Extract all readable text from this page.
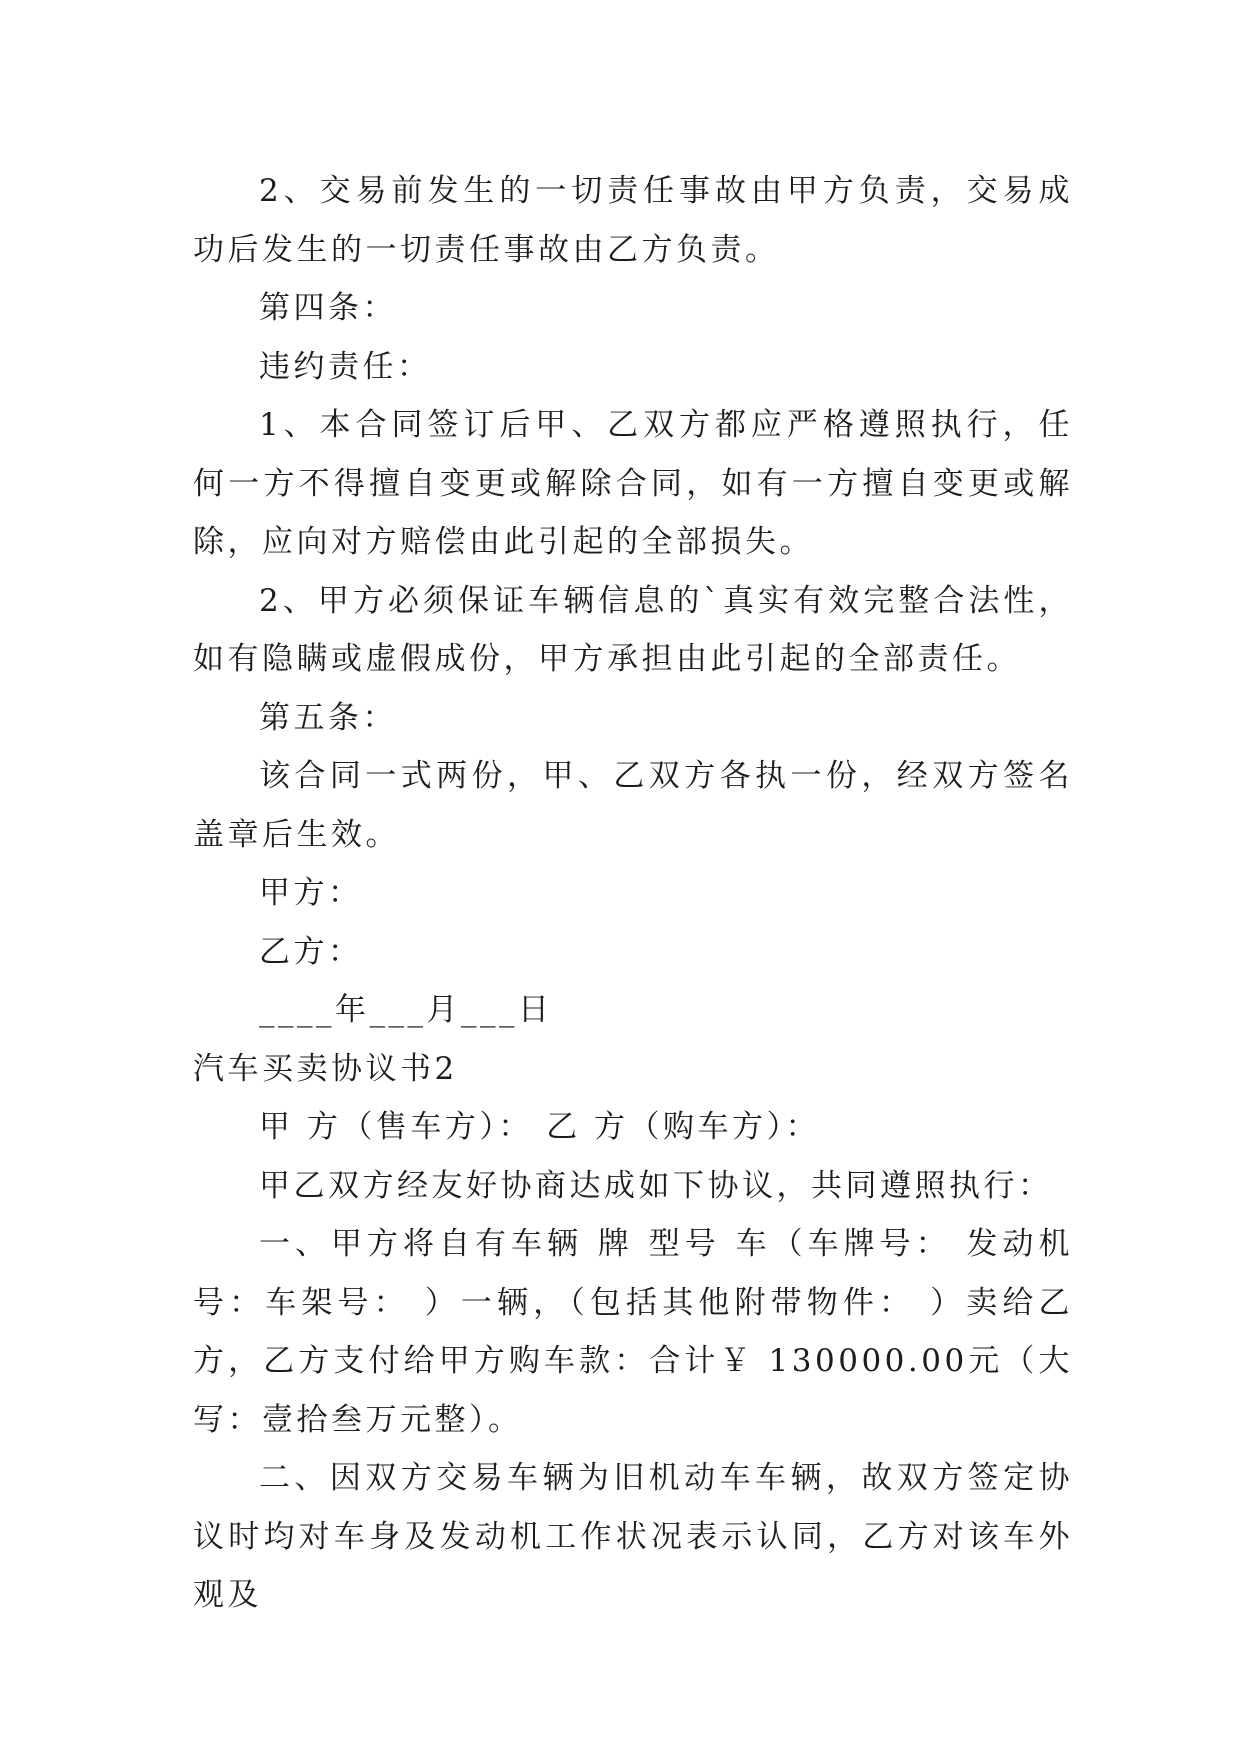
2、交易前发生的一切责任事故由甲方负责，交易成功后发生的一切责任事故由乙方负责。

第四条：

违约责任：

1、本合同签订后甲、乙双方都应严格遵照执行，任何一方不得擅自变更或解除合同，如有一方擅自变更或解除，应向对方赔偿由此引起的全部损失。

2、甲方必须保证车辆信息的`真实有效完整合法性，如有隐瞒或虚假成份，甲方承担由此引起的全部责任。

第五条：

该合同一式两份，甲、乙双方各执一份，经双方签名盖章后生效。

甲方：

乙方：

____年___月___日

汽车买卖协议书2

甲 方（售车方）： 乙 方（购车方）：

甲乙双方经友好协商达成如下协议，共同遵照执行：

一、甲方将自有车辆 牌 型号 车（车牌号： 发动机号：车架号： ）一辆，（包括其他附带物件： ）卖给乙方，乙方支付给甲方购车款：合计￥ 130000.00元（大写：壹拾叁万元整）。

二、因双方交易车辆为旧机动车车辆，故双方签定协议时均对车身及发动机工作状况表示认同，乙方对该车外观及
